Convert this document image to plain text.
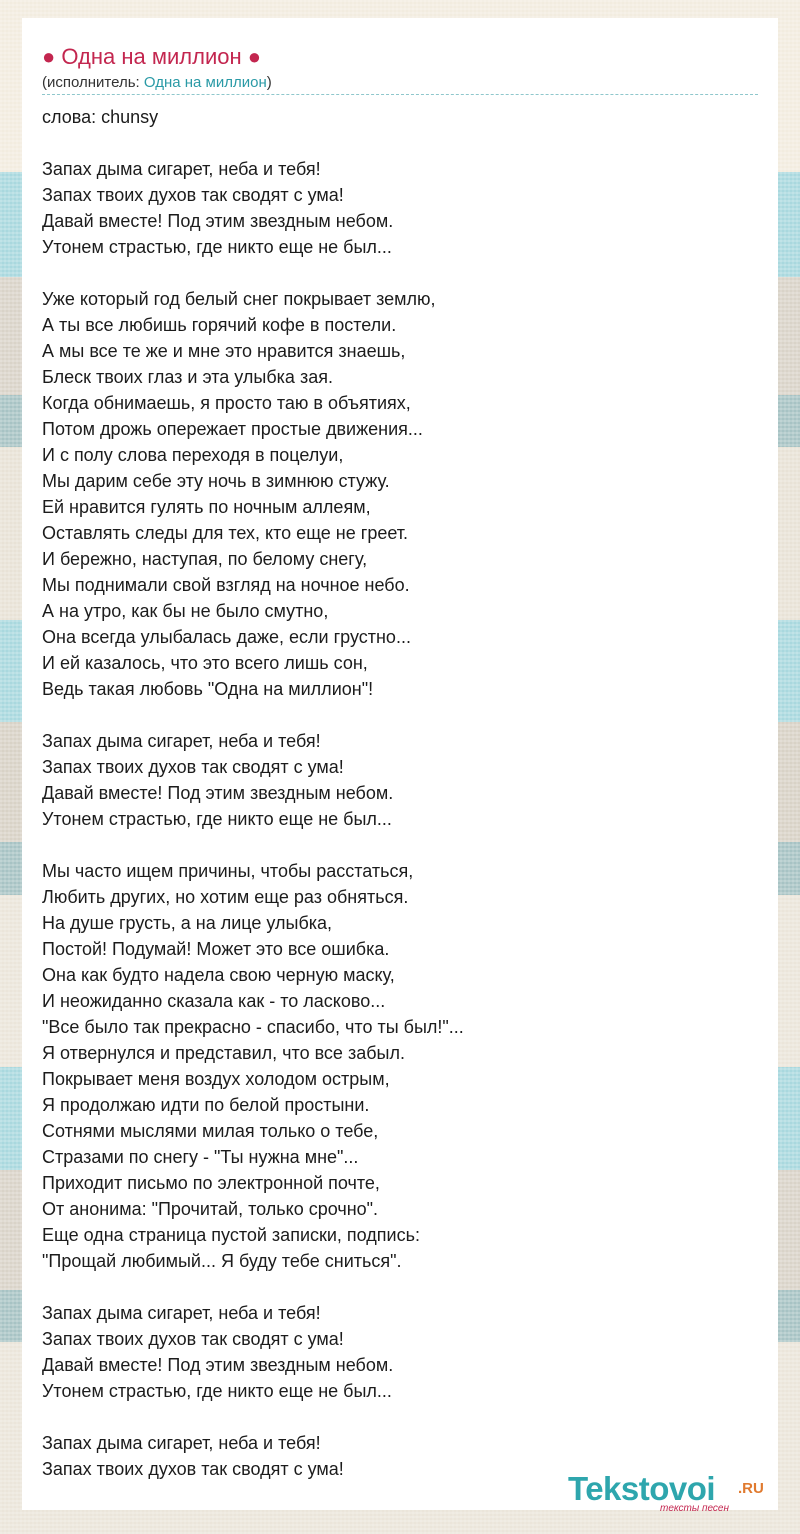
● Одна на миллион ●
(исполнитель: Одна на миллион)
слова: chunsy

Запах дыма сигарет, неба и тебя!
Запах твоих духов так сводят с ума!
Давай вместе! Под этим звездным небом.
Утонем страстью, где никто еще не был...

Уже который год белый снег покрывает землю,
А ты все любишь горячий кофе в постели.
А мы все те же и мне это нравится знаешь,
Блеск твоих глаз и эта улыбка зая.
Когда обнимаешь, я просто таю в объятиях,
Потом дрожь опережает простые движения...
И с полу слова переходя в поцелуи,
Мы дарим себе эту ночь в зимнюю стужу.
Ей нравится гулять по ночным аллеям,
Оставлять следы для тех, кто еще не греет.
И бережно, наступая, по белому снегу,
Мы поднимали свой взгляд на ночное небо.
А на утро, как бы не было смутно,
Она всегда улыбалась даже, если грустно...
И ей казалось, что это всего лишь сон,
Ведь такая любовь "Одна на миллион"!

Запах дыма сигарет, неба и тебя!
Запах твоих духов так сводят с ума!
Давай вместе! Под этим звездным небом.
Утонем страстью, где никто еще не был...

Мы часто ищем причины, чтобы расстаться,
Любить других, но хотим еще раз обняться.
На душе грусть, а на лице улыбка,
Постой! Подумай! Может это все ошибка.
Она как будто надела свою черную маску,
И неожиданно сказала как - то ласково...
"Все было так прекрасно - спасибо, что ты был!"...
Я отвернулся и представил, что все забыл.
Покрывает меня воздух холодом острым,
Я продолжаю идти по белой простыни.
Сотнями мыслями милая только о тебе,
Стразами по снегу - "Ты нужна мне"...
Приходит письмо по электронной почте,
От анонима: "Прочитай, только срочно".
Еще одна страница пустой записки, подпись:
"Прощай любимый... Я буду тебе сниться".

Запах дыма сигарет, неба и тебя!
Запах твоих духов так сводят с ума!
Давай вместе! Под этим звездным небом.
Утонем страстью, где никто еще не был...

Запах дыма сигарет, неба и тебя!
Запах твоих духов так сводят с ума!
Tekstovoi .RU
тексты песен
